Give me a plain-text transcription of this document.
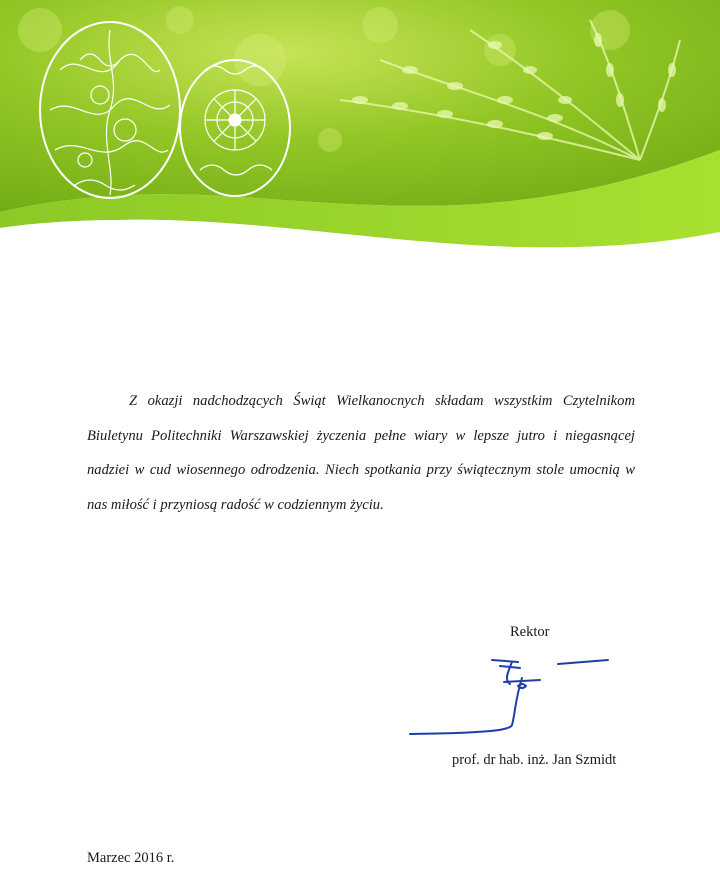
Z okazji nadchodzących Świąt Wielkanocnych składam wszystkim Czytelnikom Biuletynu Politechniki Warszawskiej życzenia pełne wiary w lepsze jutro i niegasnącej nadziei w cud wiosennego odrodzenia. Niech spotkania przy świątecznym stole umocnią w nas miłość i przyniosą radość w codziennym życiu.
Rektor
prof. dr hab. inż. Jan Szmidt
Marzec 2016 r.
